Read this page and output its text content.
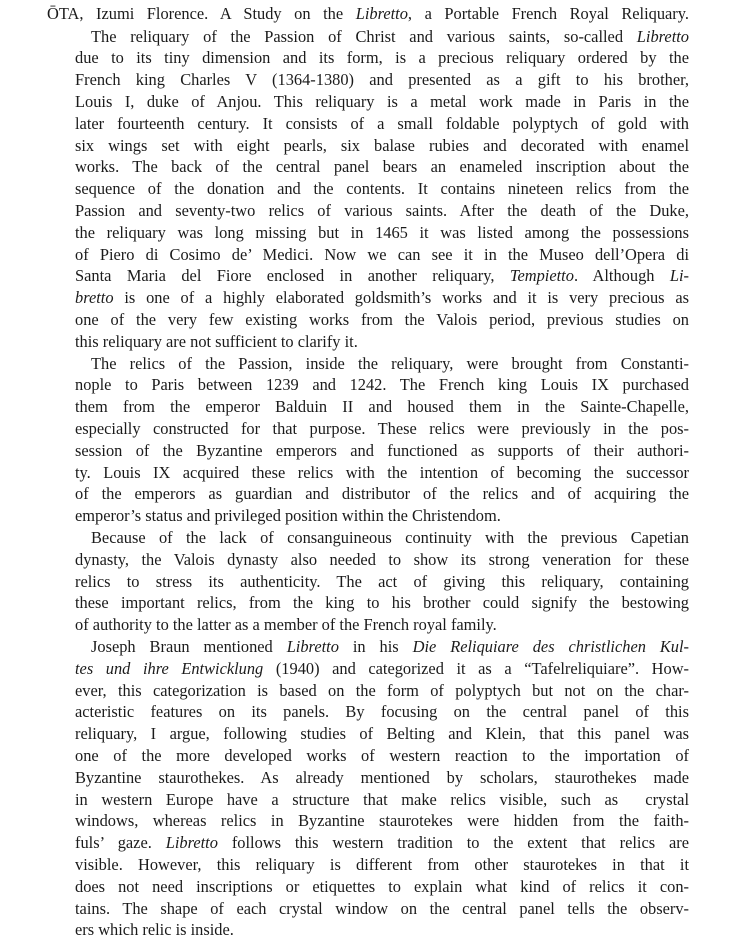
ŌTA, Izumi Florence. A Study on the Libretto, a Portable French Royal Reliquary.
The reliquary of the Passion of Christ and various saints, so-called Libretto
due to its tiny dimension and its form, is a precious reliquary ordered by the
French king Charles V (1364-1380) and presented as a gift to his brother,
Louis I, duke of Anjou. This reliquary is a metal work made in Paris in the
later fourteenth century. It consists of a small foldable polyptych of gold with
six wings set with eight pearls, six balase rubies and decorated with enamel
works. The back of the central panel bears an enameled inscription about the
sequence of the donation and the contents. It contains nineteen relics from the
Passion and seventy-two relics of various saints. After the death of the Duke,
the reliquary was long missing but in 1465 it was listed among the possessions
of Piero di Cosimo de’ Medici. Now we can see it in the Museo dell’Opera di
Santa Maria del Fiore enclosed in another reliquary, Tempietto. Although Li-
bretto is one of a highly elaborated goldsmith’s works and it is very precious as
one of the very few existing works from the Valois period, previous studies on
this reliquary are not sufficient to clarify it.
The relics of the Passion, inside the reliquary, were brought from Constanti-
nople to Paris between 1239 and 1242. The French king Louis IX purchased
them from the emperor Balduin II and housed them in the Sainte-Chapelle,
especially constructed for that purpose. These relics were previously in the pos-
session of the Byzantine emperors and functioned as supports of their authori-
ty. Louis IX acquired these relics with the intention of becoming the successor
of the emperors as guardian and distributor of the relics and of acquiring the
emperor’s status and privileged position within the Christendom.
Because of the lack of consanguineous continuity with the previous Capetian
dynasty, the Valois dynasty also needed to show its strong veneration for these
relics to stress its authenticity. The act of giving this reliquary, containing
these important relics, from the king to his brother could signify the bestowing
of authority to the latter as a member of the French royal family.
Joseph Braun mentioned Libretto in his Die Reliquiare des christlichen Kul-
tes und ihre Entwicklung (1940) and categorized it as a “Tafelreliquiare”. How-
ever, this categorization is based on the form of polyptych but not on the char-
acteristic features on its panels. By focusing on the central panel of this
reliquary, I argue, following studies of Belting and Klein, that this panel was
one of the more developed works of western reaction to the importation of
Byzantine staurothekes. As already mentioned by scholars, staurothekes made
in western Europe have a structure that make relics visible, such as  crystal
windows, whereas relics in Byzantine staurotekes were hidden from the faith-
fuls’ gaze. Libretto follows this western tradition to the extent that relics are
visible. However, this reliquary is different from other staurotekes in that it
does not need inscriptions or etiquettes to explain what kind of relics it con-
tains. The shape of each crystal window on the central panel tells the observ-
ers which relic is inside.
